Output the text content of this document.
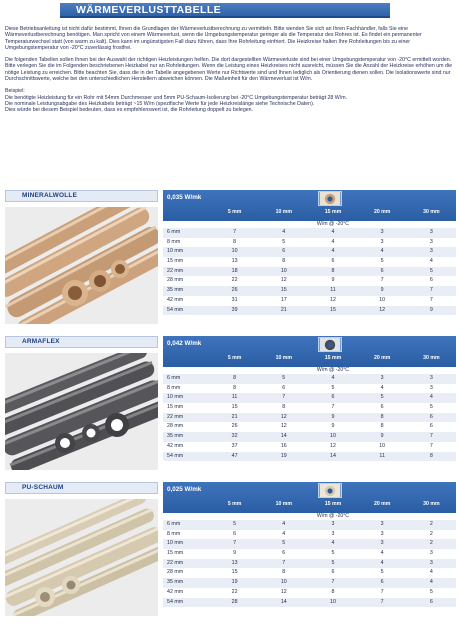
WÄRMEVERLUSTTABELLE

Diese Betriebsanleitung ist nicht dafür bestimmt, Ihnen die Grundlagen der Wärmeverlustberechnung zu vermitteln. Bitte wenden Sie sich an Ihren Fachhändler, falls Sie eine Wärmeverlustberechnung benötigen. Man spricht von einem Wärmeverlust, wenn die Umgebungstemperatur geringer als die Temperatur des Rohres ist. Es findet ein permanenter Temperaturwechsel statt (von warm zu kalt). Dies kann im ungünstigsten Fall dazu führen, dass Ihre Rohrleitung einfriert. Die Heizkreise halten Ihre Rohrleitungen bis zu einer Umgebungstemperatur von -20°C zuverlässig frostfrei.

Die folgenden Tabellen sollen Ihnen bei der Auswahl der richtigen Heizleistungen helfen. Die dort dargestellten Wärmeverluste sind bei einer Umgebungstemperatur von -20°C ermittelt worden. Bitte verlegen Sie die im Folgenden beschriebenen Heizkabel nur an Rohrleitungen. Wenn die Leistung eines Heizkreises nicht ausreicht, müssen Sie die Anzahl der Heizkreise erhöhen um die nötige Leistung zu erreichen. Bitte beachten Sie, dass die in der Tabelle angegebenen Werte nur Richtwerte sind und Ihnen lediglich als Orientierung dienen sollen. Die Isolationswerte sind nur Durchschnittswerte, welche bei den unterschiedlichen Herstellern abweichen können. Die Maßeinheit für den Wärmeverlust ist W/m.

Beispiel:

Die benötigte Heizleistung für ein Rohr mit 54mm Durchmesser und 5mm PU-Schaum-Isolierung bei -20°C Umgebungstemperatur beträgt 28 W/m.
Die nominale Leistungsabgabe des Heizkabels beträgt ~15 W/m (spezifische Werte für jede Heizkreislänge siehe Technische Daten).
Dies würde bei diesem Beispiel bedeuten, dass es empfehlenswert ist, die Rohrleitung doppelt zu belegen.
MINERALWOLLE	0,035 W/mk
5 mm	10 mm	15 mm	20 mm	30 mm
W/m @ -20°C
6 mm	7	4	4	3	3
8 mm	8	5	4	3	3
10 mm	10	6	4	4	3
15 mm	13	8	6	5	4
22 mm	18	10	8	6	5
28 mm	22	12	9	7	6
35 mm	26	15	11	9	7
42 mm	31	17	12	10	7
54 mm	39	21	15	12	9
ARMAFLEX	0,042 W/mk
5 mm	10 mm	15 mm	20 mm	30 mm
W/m @ -20°C
6 mm	8	5	4	3	3
8 mm	8	6	5	4	3
10 mm	11	7	6	5	4
15 mm	15	8	7	6	5
22 mm	21	12	9	8	6
28 mm	26	12	9	8	6
35 mm	32	14	10	9	7
42 mm	37	16	12	10	7
54 mm	47	19	14	11	8
PU-SCHAUM	0,025 W/mk
5 mm	10 mm	15 mm	20 mm	30 mm
W/m @ -20°C
6 mm	5	4	3	3	2
8 mm	6	4	3	3	2
10 mm	7	5	4	3	2
15 mm	9	6	5	4	3
22 mm	13	7	5	4	3
28 mm	15	8	6	5	4
35 mm	19	10	7	6	4
42 mm	22	12	8	7	5
54 mm	28	14	10	7	6
